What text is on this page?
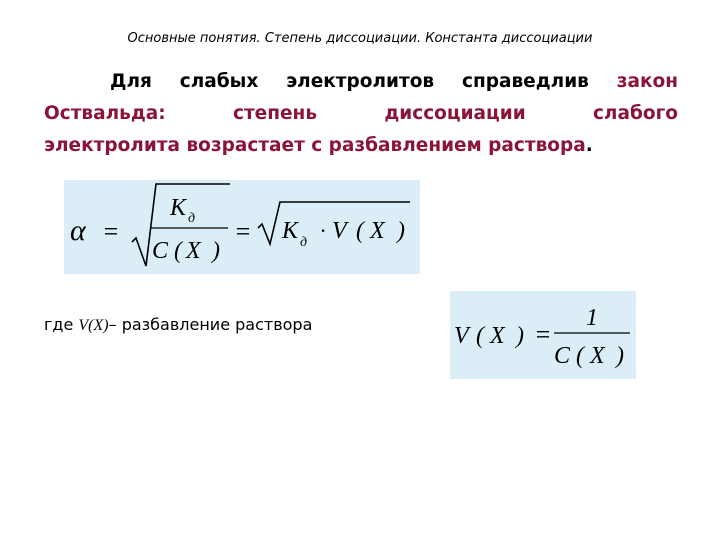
Основные понятия. Степень диссоциации. Константа диссоциации
Для слабых электролитов справедлив закон
Оствальда:	степень	диссоциации	слабого
электролита возрастает с разбавлением раствора .
α =
K д
C ( X )
= K д · V ( X )
где V(X)– разбавление раствора	V ( X ) =
1
C ( X )
